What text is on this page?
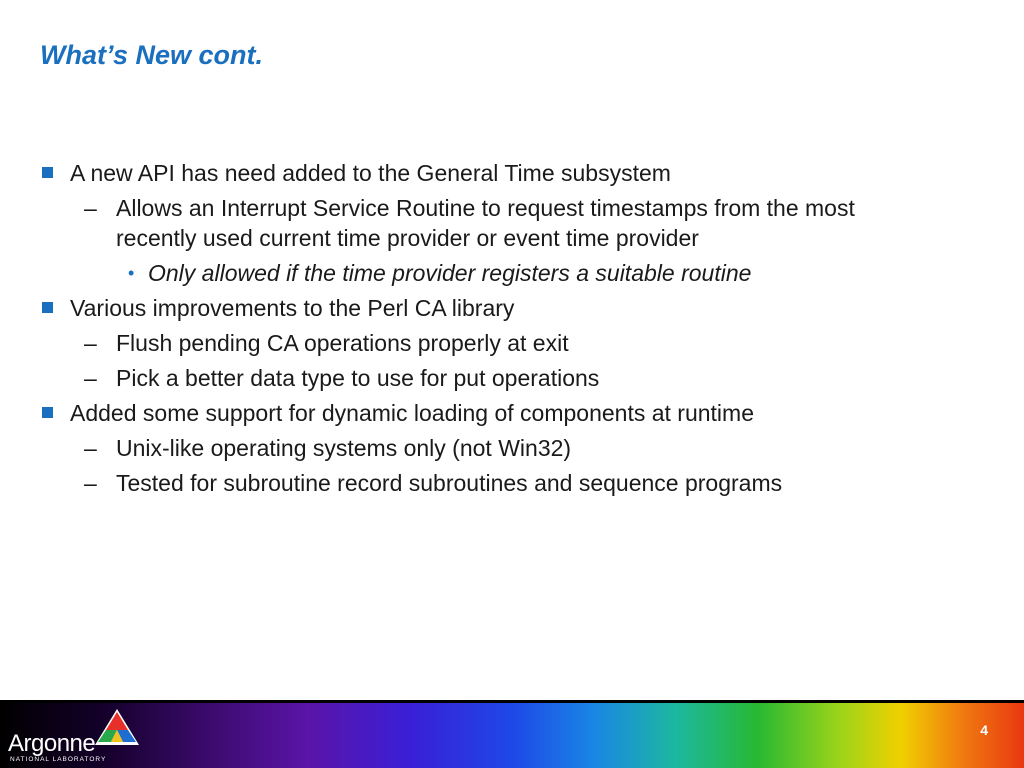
What’s New cont.
A new API has need added to the General Time subsystem
– Allows an Interrupt Service Routine to request timestamps from the most recently used current time provider or event time provider
• Only allowed if the time provider registers a suitable routine
Various improvements to the Perl CA library
– Flush pending CA operations properly at exit
– Pick a better data type to use for put operations
Added some support for dynamic loading of components at runtime
– Unix-like operating systems only (not Win32)
– Tested for subroutine record subroutines and sequence programs
Argonne
NATIONAL LABORATORY
4
